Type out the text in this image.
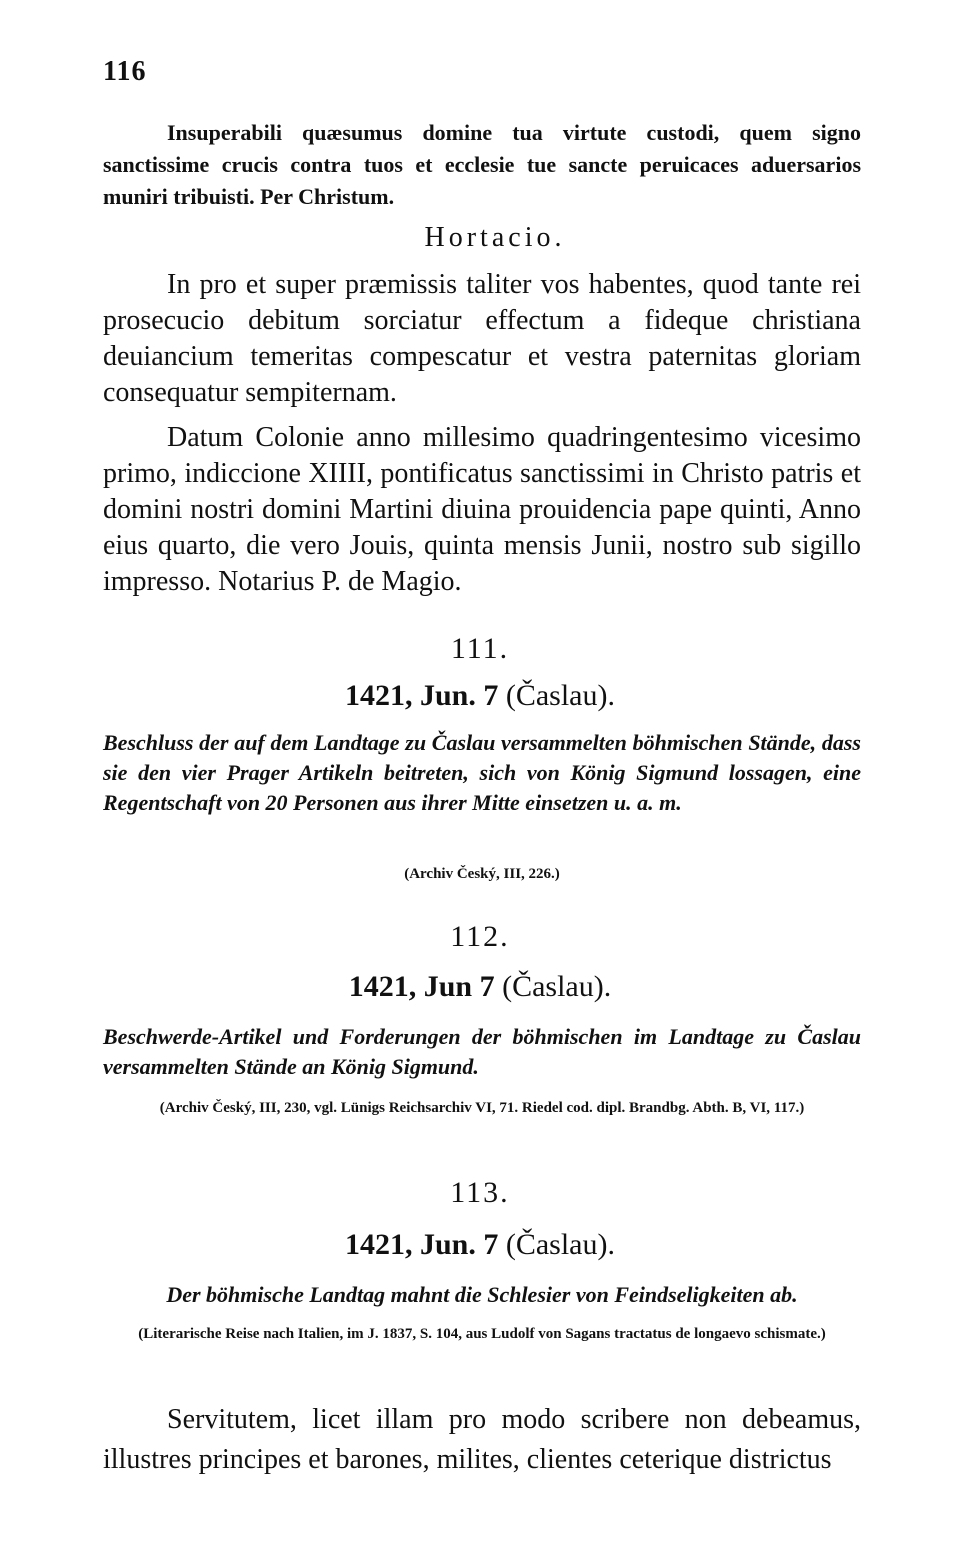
116

Insuperabili quæsumus domine tua virtute custodi, quem signo sanctissime crucis contra tuos et ecclesie tue sancte peruicaces aduersarios muniri tribuisti. Per Christum.

Hortacio.

In pro et super præmissis taliter vos habentes, quod tante rei prosecucio debitum sorciatur effectum a fideque christiana deuiancium temeritas compescatur et vestra paternitas gloriam consequatur sempiternam.

Datum Colonie anno millesimo quadringentesimo vicesimo primo, indiccione XIIII, pontificatus sanctissimi in Christo patris et domini nostri domini Martini diuina prouidencia pape quinti, Anno eius quarto, die vero Jouis, quinta mensis Junii, nostro sub sigillo impresso. Notarius P. de Magio.

111.
1421, Jun. 7 (Časlau).

Beschluss der auf dem Landtage zu Časlau versammelten böhmischen Stände, dass sie den vier Prager Artikeln beitreten, sich von König Sigmund lossagen, eine Regentschaft von 20 Personen aus ihrer Mitte einsetzen u. a. m.

(Archiv Český, III, 226.)

112.
1421, Jun 7 (Časlau).

Beschwerde-Artikel und Forderungen der böhmischen im Landtage zu Časlau versammelten Stände an König Sigmund.

(Archiv Český, III, 230, vgl. Lünigs Reichsarchiv VI, 71. Riedel cod. dipl. Brandbg. Abth. B, VI, 117.)

113.
1421, Jun. 7 (Časlau).

Der böhmische Landtag mahnt die Schlesier von Feindseligkeiten ab.

(Literarische Reise nach Italien, im J. 1837, S. 104, aus Ludolf von Sagans tractatus de longaevo schismate.)

Servitutem, licet illam pro modo scribere non debeamus, illustres principes et barones, milites, clientes ceterique districtus
